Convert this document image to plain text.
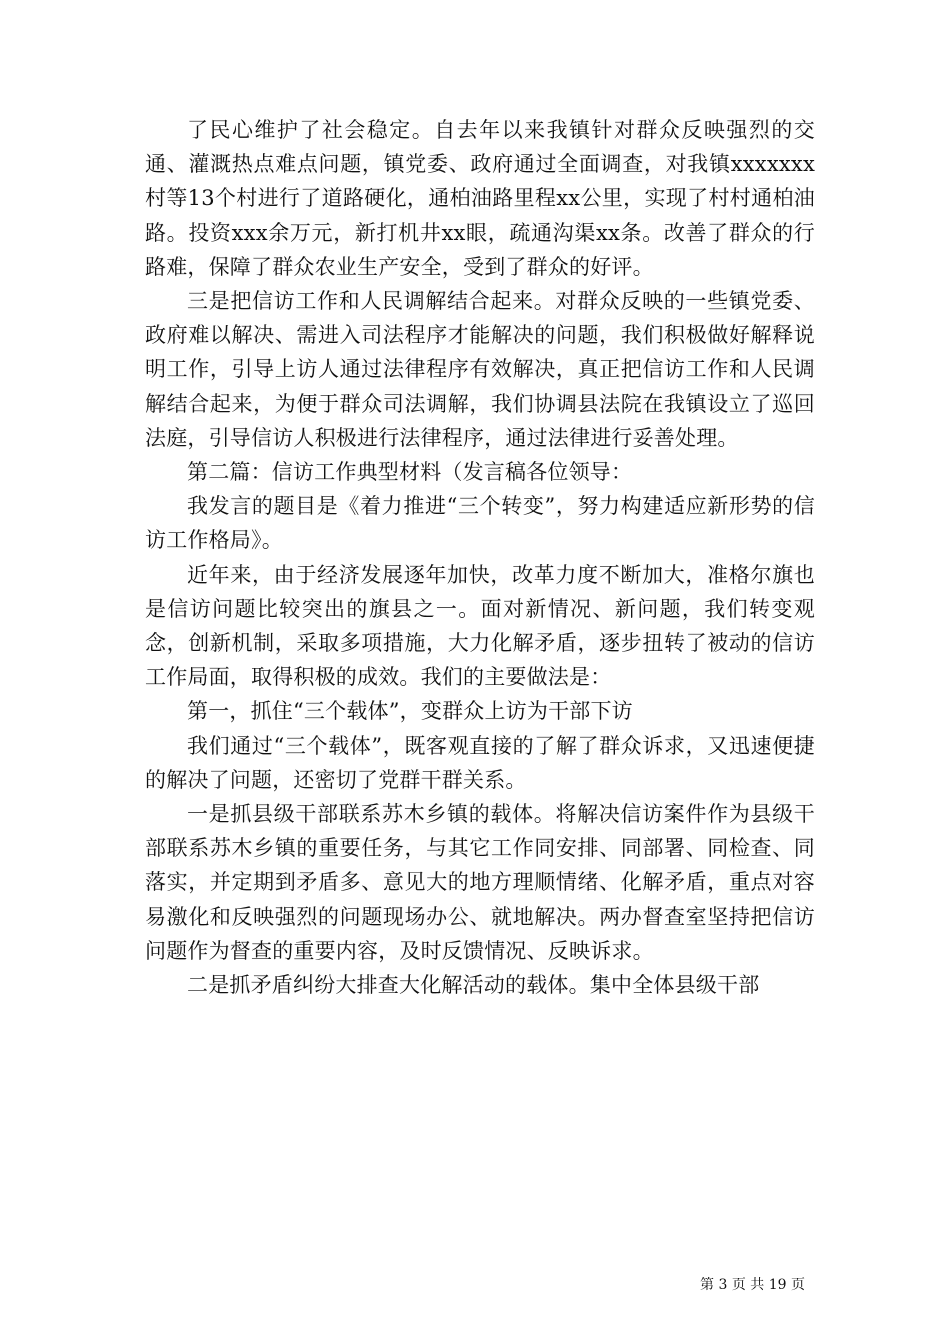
了民心维护了社会稳定。自去年以来我镇针对群众反映强烈的交通、灌溉热点难点问题，镇党委、政府通过全面调查，对我镇xxxxxxx村等13个村进行了道路硬化，通柏油路里程xx公里，实现了村村通柏油路。投资xxx余万元，新打机井xx眼，疏通沟渠xx条。改善了群众的行路难，保障了群众农业生产安全，受到了群众的好评。

三是把信访工作和人民调解结合起来。对群众反映的一些镇党委、政府难以解决、需进入司法程序才能解决的问题，我们积极做好解释说明工作，引导上访人通过法律程序有效解决，真正把信访工作和人民调解结合起来，为便于群众司法调解，我们协调县法院在我镇设立了巡回法庭，引导信访人积极进行法律程序，通过法律进行妥善处理。

第二篇：信访工作典型材料（发言稿各位领导：

我发言的题目是《着力推进“三个转变”，努力构建适应新形势的信访工作格局》。

近年来，由于经济发展逐年加快，改革力度不断加大，准格尔旗也是信访问题比较突出的旗县之一。面对新情况、新问题，我们转变观念，创新机制，采取多项措施，大力化解矛盾，逐步扭转了被动的信访工作局面，取得积极的成效。我们的主要做法是：

第一，抓住“三个载体”，变群众上访为干部下访

我们通过“三个载体”，既客观直接的了解了群众诉求，又迅速便捷的解决了问题，还密切了党群干群关系。

一是抓县级干部联系苏木乡镇的载体。将解决信访案件作为县级干部联系苏木乡镇的重要任务，与其它工作同安排、同部署、同检查、同落实，并定期到矛盾多、意见大的地方理顺情绪、化解矛盾，重点对容易激化和反映强烈的问题现场办公、就地解决。两办督查室坚持把信访问题作为督查的重要内容，及时反馈情况、反映诉求。

二是抓矛盾纠纷大排查大化解活动的载体。集中全体县级干部

第 3 页 共 19 页
